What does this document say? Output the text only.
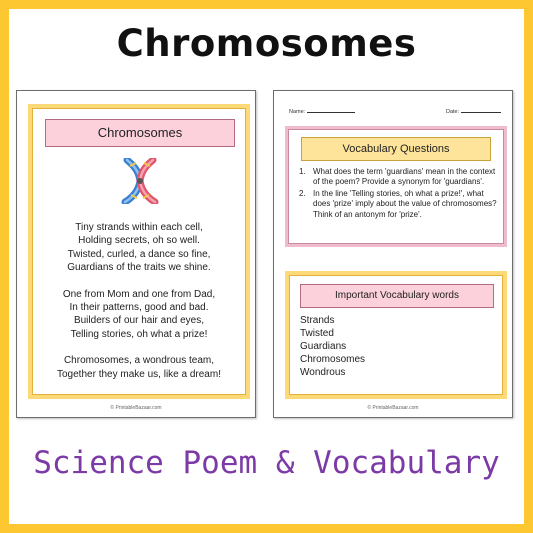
Chromosomes
Chromosomes
Tiny strands within each cell,
Holding secrets, oh so well.
Twisted, curled, a dance so fine,
Guardians of the traits we shine.
One from Mom and one from Dad,
In their patterns, good and bad.
Builders of our hair and eyes,
Telling stories, oh what a prize!
Chromosomes, a wondrous team,
Together they make us, like a dream!
© PrintableBazaar.com
Name:	Date:
Vocabulary Questions
1. What does the term 'guardians' mean in the context of the poem? Provide a synonym for 'guardians'.
2. In the line 'Telling stories, oh what a prize!', what does 'prize' imply about the value of chromosomes? Think of an antonym for 'prize'.
Important Vocabulary words
Strands
Twisted
Guardians
Chromosomes
Wondrous
© PrintableBazaar.com
Science Poem & Vocabulary
